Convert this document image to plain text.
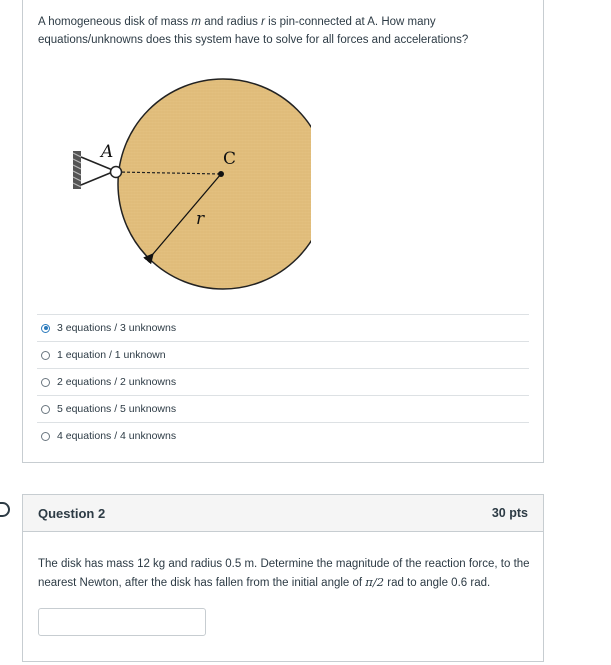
A homogeneous disk of mass m and radius r is pin-connected at A. How many equations/unknowns does this system have to solve for all forces and accelerations?
A	C
r
3 equations / 3 unknowns
1 equation / 1 unknown
2 equations / 2 unknowns
5 equations / 5 unknowns
4 equations / 4 unknowns
Question 2	30 pts
The disk has mass 12 kg and radius 0.5 m. Determine the magnitude of the reaction force, to the nearest Newton, after the disk has fallen from the initial angle of π/2 rad to angle 0.6 rad.
